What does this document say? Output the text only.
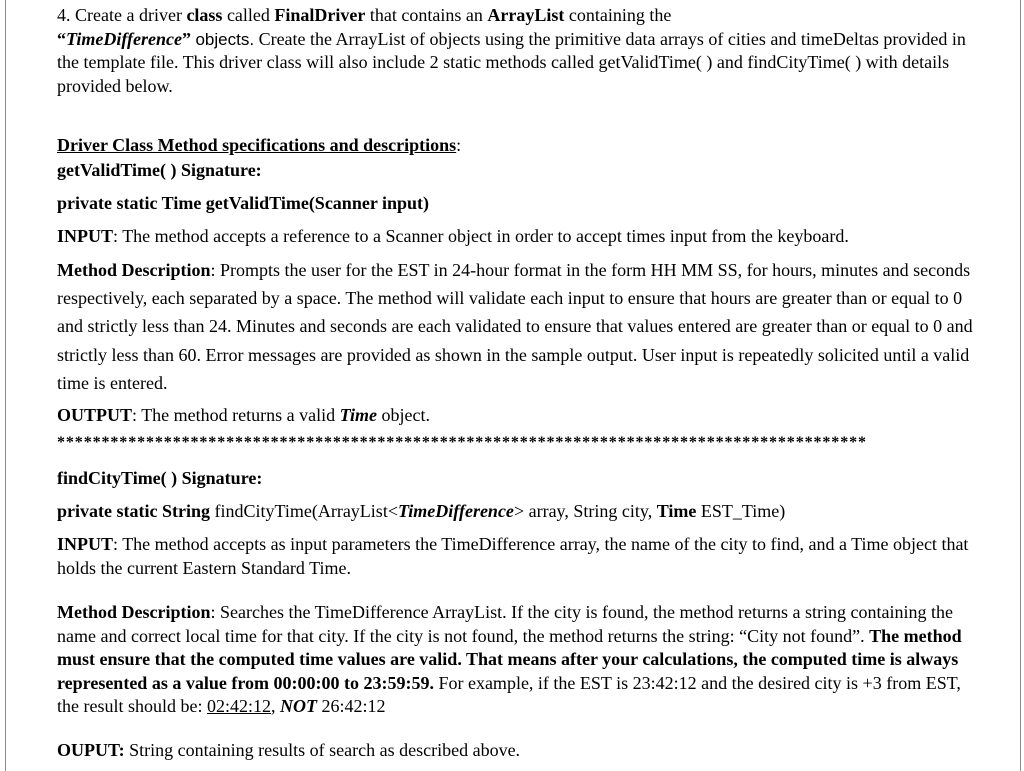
4. Create a driver class called FinalDriver that contains an ArrayList containing the
“TimeDifference” objects. Create the ArrayList of objects using the primitive data arrays of cities and timeDeltas provided in the template file. This driver class will also include 2 static methods called getValidTime( ) and findCityTime( ) with details provided below.

Driver Class Method specifications and descriptions:

getValidTime( ) Signature:

private static Time getValidTime(Scanner input)

INPUT: The method accepts a reference to a Scanner object in order to accept times input from the keyboard.

Method Description: Prompts the user for the EST in 24-hour format in the form HH MM SS, for hours, minutes and seconds respectively, each separated by a space. The method will validate each input to ensure that hours are greater than or equal to 0 and strictly less than 24. Minutes and seconds are each validated to ensure that values entered are greater than or equal to 0 and strictly less than 60. Error messages are provided as shown in the sample output. User input is repeatedly solicited until a valid time is entered.

OUTPUT: The method returns a valid Time object.

*******************************************************************************************

findCityTime( ) Signature:

private static String findCityTime(ArrayList<TimeDifference> array, String city, Time EST_Time)

INPUT: The method accepts as input parameters the TimeDifference array, the name of the city to find, and a Time object that holds the current Eastern Standard Time.

Method Description: Searches the TimeDifference ArrayList. If the city is found, the method returns a string containing the name and correct local time for that city. If the city is not found, the method returns the string: “City not found”. The method must ensure that the computed time values are valid. That means after your calculations, the computed time is always represented as a value from 00:00:00 to 23:59:59. For example, if the EST is 23:42:12 and the desired city is +3 from EST, the result should be: 02:42:12, NOT 26:42:12

OUPUT: String containing results of search as described above.
